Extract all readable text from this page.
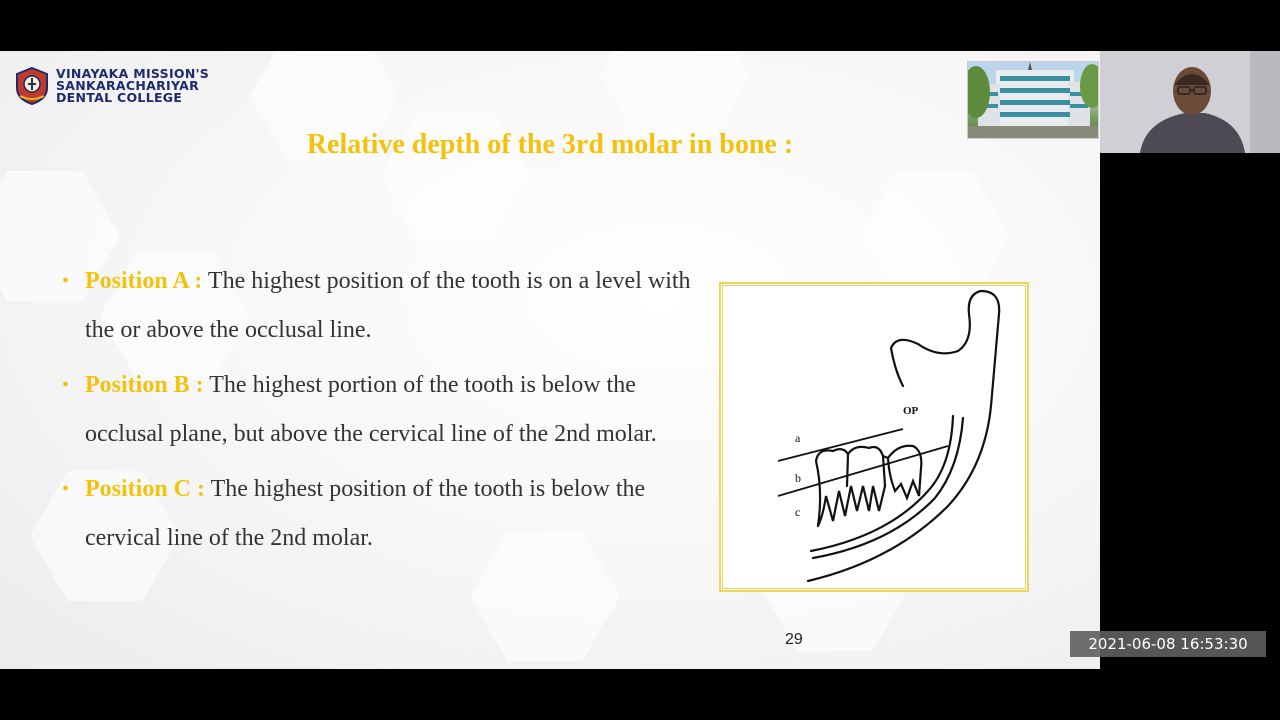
VINAYAKA MISSION'S
SANKARACHARIYAR
DENTAL COLLEGE
Relative depth of the 3rd molar in bone :
• Position A : The highest position of the tooth is on a level with the or above the occlusal line.
• Position B : The highest portion of the tooth is below the occlusal plane, but above the cervical line of the 2nd molar.
• Position C : The highest position of the tooth is below the cervical line of the 2nd molar.
a
b
c
OP
29	2021-06-08 16:53:30
